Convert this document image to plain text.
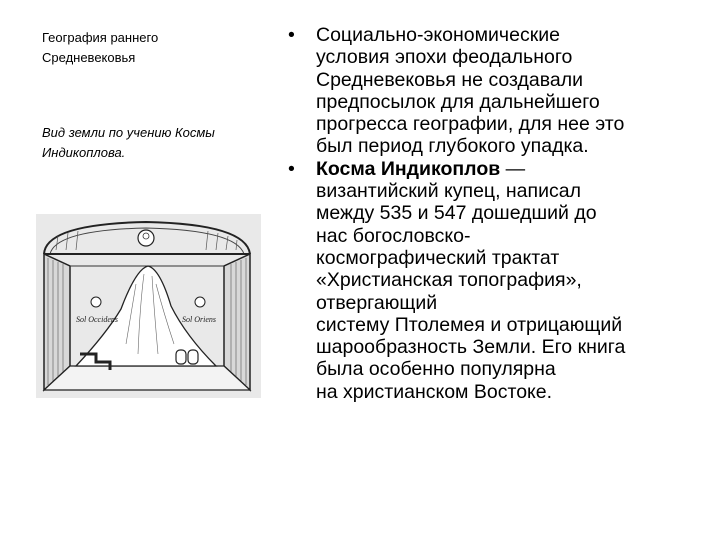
География раннего
Средневековья
Вид земли по учению Космы
Индикоплова.
Sol Occidens	Sol Oriens
• Социально-экономические
условия эпохи феодального
Средневековья не создавали
предпосылок для дальнейшего
прогресса географии, для нее это
был период глубокого упадка.
• Косма Индикоплов —
византийский купец, написал
между 535 и 547 дошедший до
нас богословско-
космографический трактат
«Христианская топография»,
отвергающий
систему Птолемея и отрицающий
шарообразность Земли. Его книга
была особенно популярна
на христианском Востоке.
